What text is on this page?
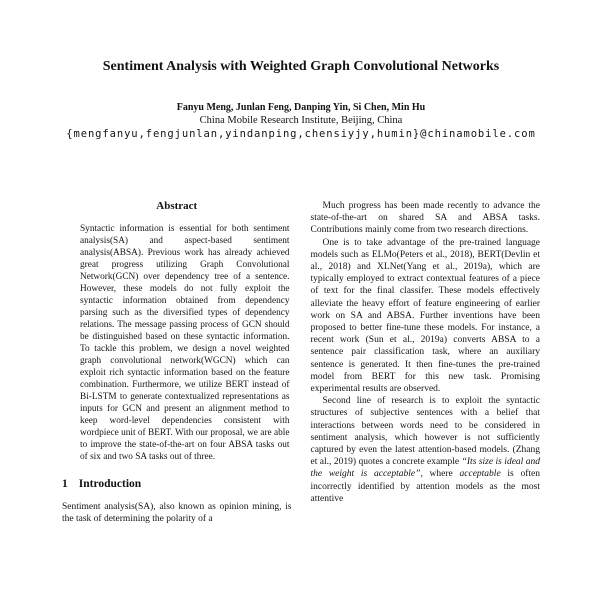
Sentiment Analysis with Weighted Graph Convolutional Networks
Fanyu Meng, Junlan Feng, Danping Yin, Si Chen, Min Hu
China Mobile Research Institute, Beijing, China
{mengfanyu,fengjunlan,yindanping,chensiyjy,humin}@chinamobile.com
Abstract

Syntactic information is essential for both sentiment analysis(SA) and aspect-based sentiment analysis(ABSA). Previous work has already achieved great progress utilizing Graph Convolutional Network(GCN) over dependency tree of a sentence. However, these models do not fully exploit the syntactic information obtained from dependency parsing such as the diversified types of dependency relations. The message passing process of GCN should be distinguished based on these syntactic information. To tackle this problem, we design a novel weighted graph convolutional network(WGCN) which can exploit rich syntactic information based on the feature combination. Furthermore, we utilize BERT instead of Bi-LSTM to generate contextualized representations as inputs for GCN and present an alignment method to keep word-level dependencies consistent with wordpiece unit of BERT. With our proposal, we are able to improve the state-of-the-art on four ABSA tasks out of six and two SA tasks out of three.

1 Introduction

Sentiment analysis(SA), also known as opinion mining, is the task of determining the polarity of a

Much progress has been made recently to advance the state-of-the-art on shared SA and ABSA tasks. Contributions mainly come from two research directions.

One is to take advantage of the pre-trained language models such as ELMo(Peters et al., 2018), BERT(Devlin et al., 2018) and XLNet(Yang et al., 2019a), which are typically employed to extract contextual features of a piece of text for the final classifer. These models effectively alleviate the heavy effort of feature engineering of earlier work on SA and ABSA. Further inventions have been proposed to better fine-tune these models. For instance, a recent work (Sun et al., 2019a) converts ABSA to a sentence pair classification task, where an auxiliary sentence is generated. It then fine-tunes the pre-trained model from BERT for this new task. Promising experimental results are observed.

Second line of research is to exploit the syntactic structures of subjective sentences with a belief that interactions between words need to be considered in sentiment analysis, which however is not sufficiently captured by even the latest attention-based models. (Zhang et al., 2019) quotes a concrete example “Its size is ideal and the weight is acceptable”, where acceptable is often incorrectly identified by attention models as the most attentive
